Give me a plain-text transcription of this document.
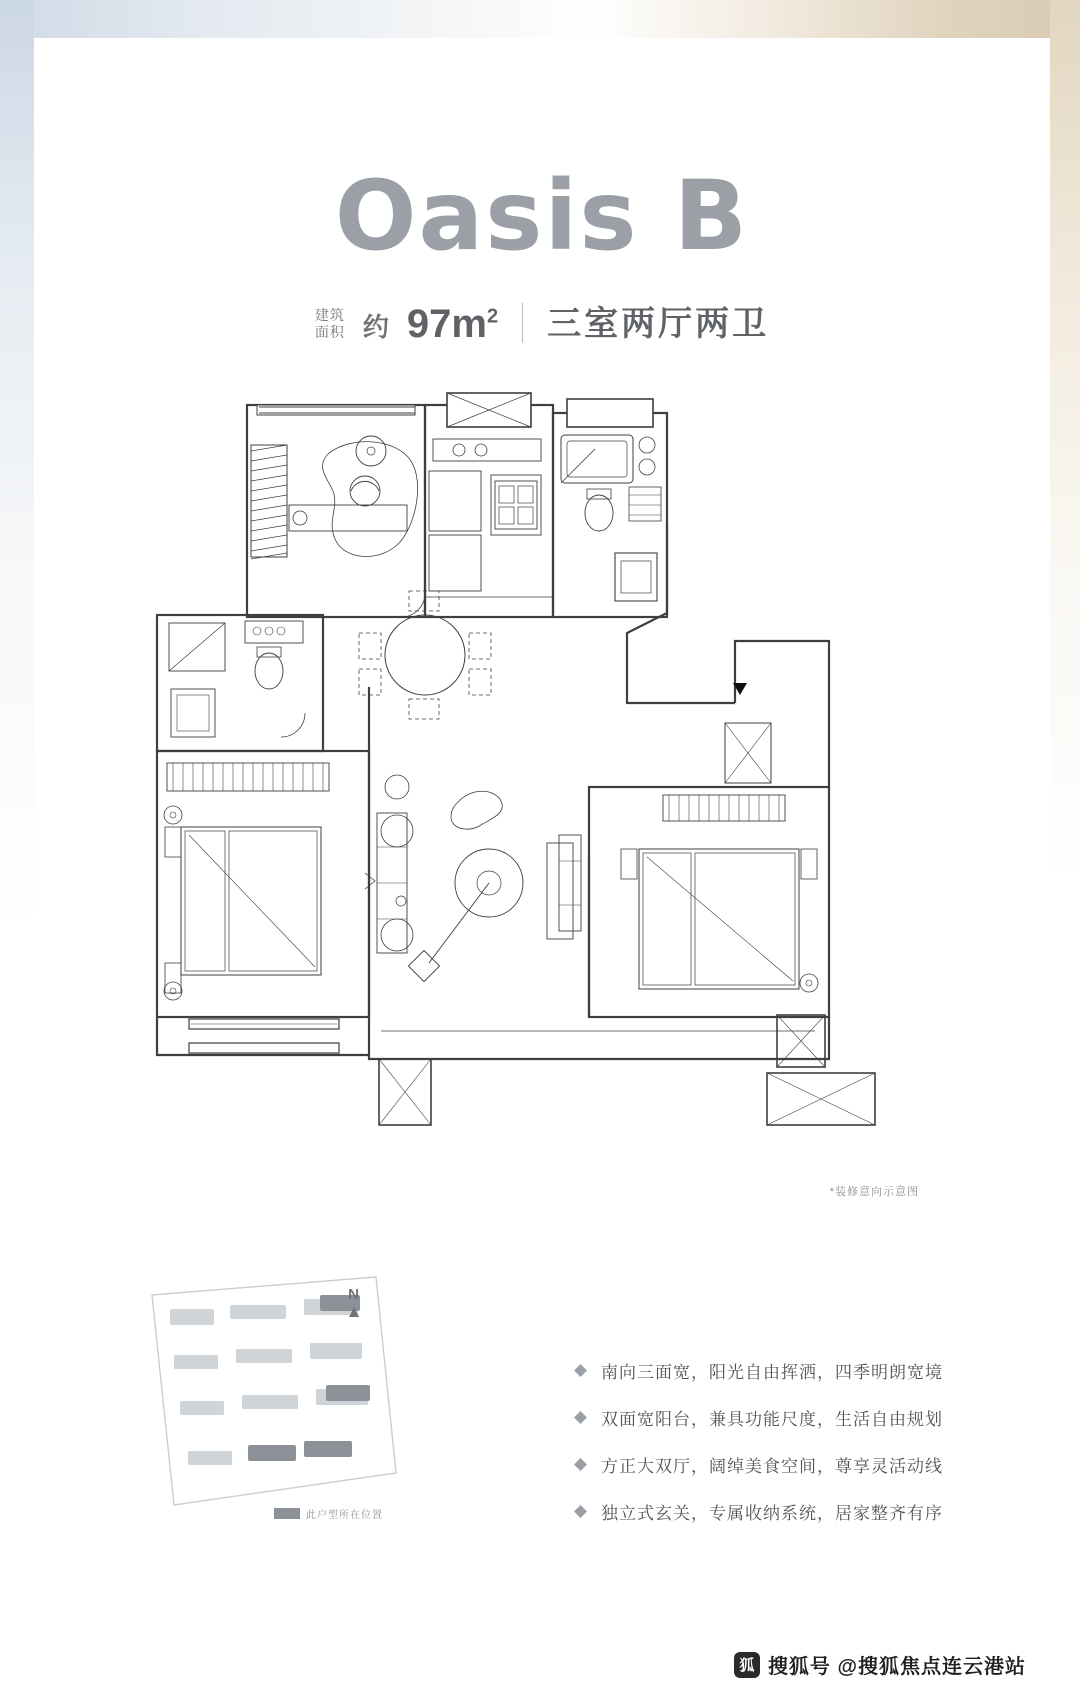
Oasis B
建筑
面积 约 $97m^2$ 三室两厅两卫
*装修意向示意图
N
▲
此户型所在位置
南向三面宽，阳光自由挥洒，四季明朗宽境
双面宽阳台，兼具功能尺度，生活自由规划
方正大双厅，阔绰美食空间，尊享灵活动线
独立式玄关，专属收纳系统，居家整齐有序
狐 搜狐号 @搜狐焦点连云港站
